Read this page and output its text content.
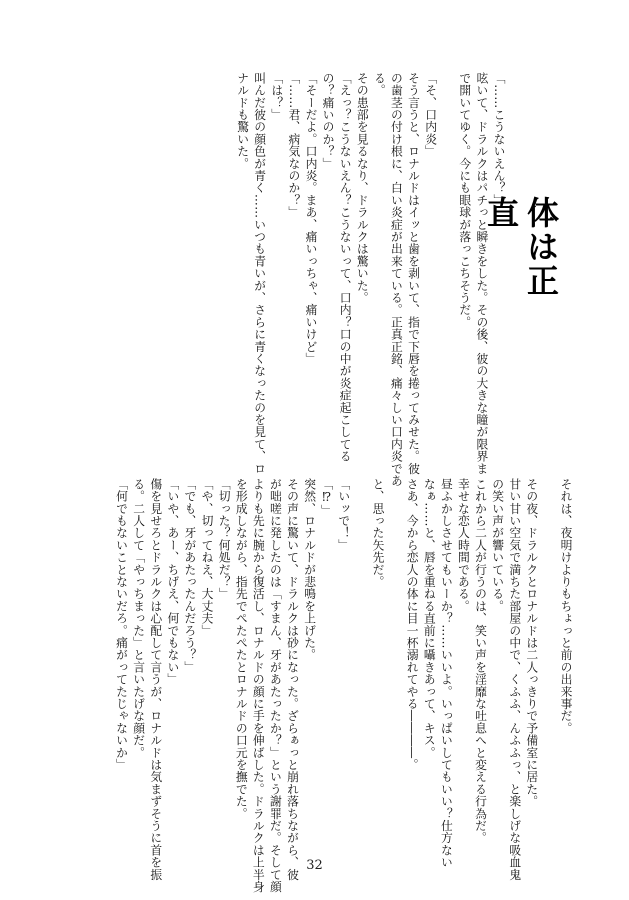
体は正直
「……こうないえん？」
呟いて、ドラルクはパチっと瞬きをした。その後、彼の大きな瞳が限界ま
で開いてゆく。今にも眼球が落っこちそうだ。

「そ、口内炎」
そう言うと、ロナルドはイッと歯を剥いて、指で下唇を捲ってみせた。彼
の歯茎の付け根に、白い炎症が出来ている。正真正銘、痛々しい口内炎であ
る。
その患部を見るなり、ドラルクは驚いた。
「えっ？こうないえん？こうないって、口内？口の中が炎症起こしてる
の？痛いのか？」
「そーだよ。口内炎。まあ、痛いっちゃ、痛いけど」
「……君、病気なのか？」
「は？」
叫んだ彼の顔色が青く……いつも青いが、さらに青くなったのを見て、ロ
ナルドも驚いた。
それは、夜明けよりもちょっと前の出来事だ。

その夜、ドラルクとロナルドは二人っきりで予備室に居た。
甘い甘い空気で満ちた部屋の中で、くふふ、んふふっ、と楽しげな吸血鬼
の笑い声が響いている。
これから二人が行うのは、笑い声を淫靡な吐息へと変える行為だ。
幸せな恋人時間である。
昼ふかしさせてもいーか？……いいよ。いっぱいしてもいい？仕方ない
なぁ……と、唇を重ねる直前に囁きあって、キス。
さあ、今から恋人の体に目一杯溺れてやる――――。

と、思った矢先だ。

「いッで！」
「⁉」
突然、ロナルドが悲鳴を上げた。
その声に驚いて、ドラルクは砂になった。ざらぁっと崩れ落ちながら、彼
が咄嗟に発したのは「すまん、牙があたったか？」という謝罪だ。そして顔
よりも先に腕から復活し、ロナルドの顔に手を伸ばした。ドラルクは上半身
を形成しながら、指先でぺたぺたとロナルドの口元を撫でた。
「切った？何処だ？」
「や、切ってねえ、大丈夫」
「でも、牙があたったんだろう？」
「いや、あー、ちげえ、何でもない」
傷を見せろとドラルクは心配して言うが、ロナルドは気まずそうに首を振
る。二人して「やっちまった」と言いたげな顔だ。
「何でもないことないだろ。痛がってたじゃないか」
32
